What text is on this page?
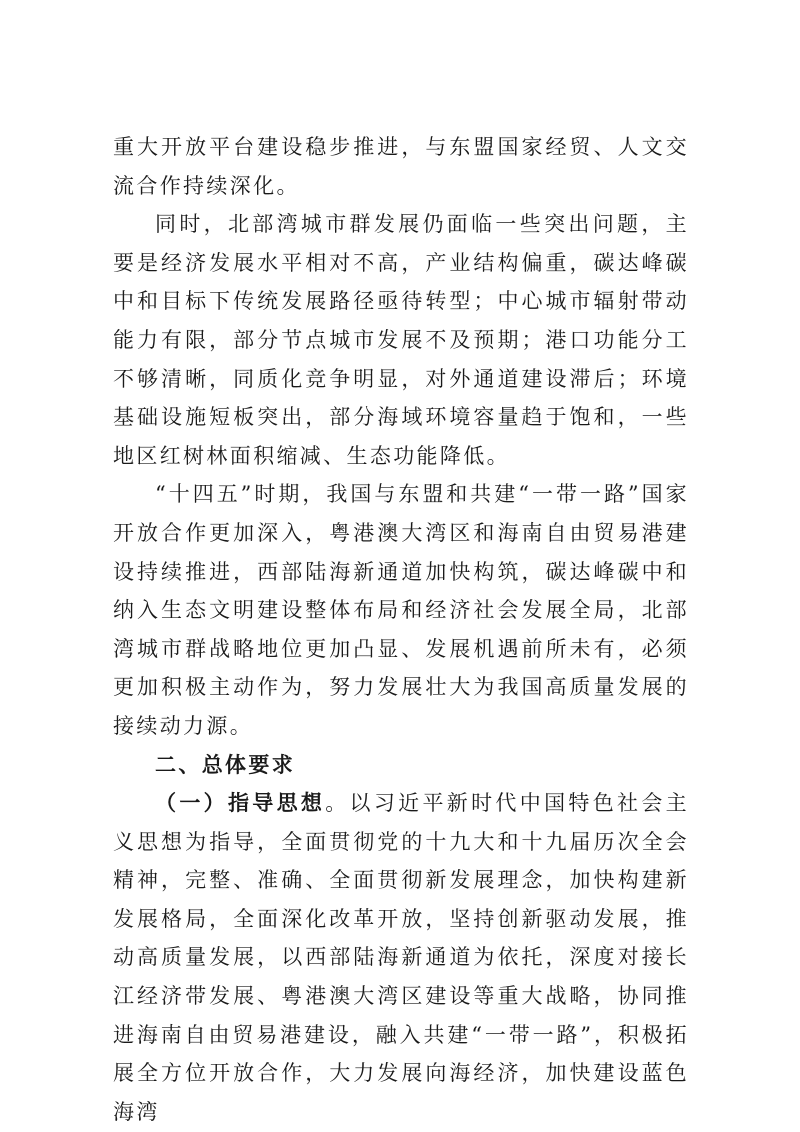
重大开放平台建设稳步推进，与东盟国家经贸、人文交流合作持续深化。

同时，北部湾城市群发展仍面临一些突出问题，主要是经济发展水平相对不高，产业结构偏重，碳达峰碳中和目标下传统发展路径亟待转型；中心城市辐射带动能力有限，部分节点城市发展不及预期；港口功能分工不够清晰，同质化竞争明显，对外通道建设滞后；环境基础设施短板突出，部分海域环境容量趋于饱和，一些地区红树林面积缩减、生态功能降低。

“十四五”时期，我国与东盟和共建“一带一路”国家开放合作更加深入，粤港澳大湾区和海南自由贸易港建设持续推进，西部陆海新通道加快构筑，碳达峰碳中和纳入生态文明建设整体布局和经济社会发展全局，北部湾城市群战略地位更加凸显、发展机遇前所未有，必须更加积极主动作为，努力发展壮大为我国高质量发展的接续动力源。

二、总体要求

（一）指导思想。以习近平新时代中国特色社会主义思想为指导，全面贯彻党的十九大和十九届历次全会精神，完整、准确、全面贯彻新发展理念，加快构建新发展格局，全面深化改革开放，坚持创新驱动发展，推动高质量发展，以西部陆海新通道为依托，深度对接长江经济带发展、粤港澳大湾区建设等重大战略，协同推进海南自由贸易港建设，融入共建“一带一路”，积极拓展全方位开放合作，大力发展向海经济，加快建设蓝色海湾
